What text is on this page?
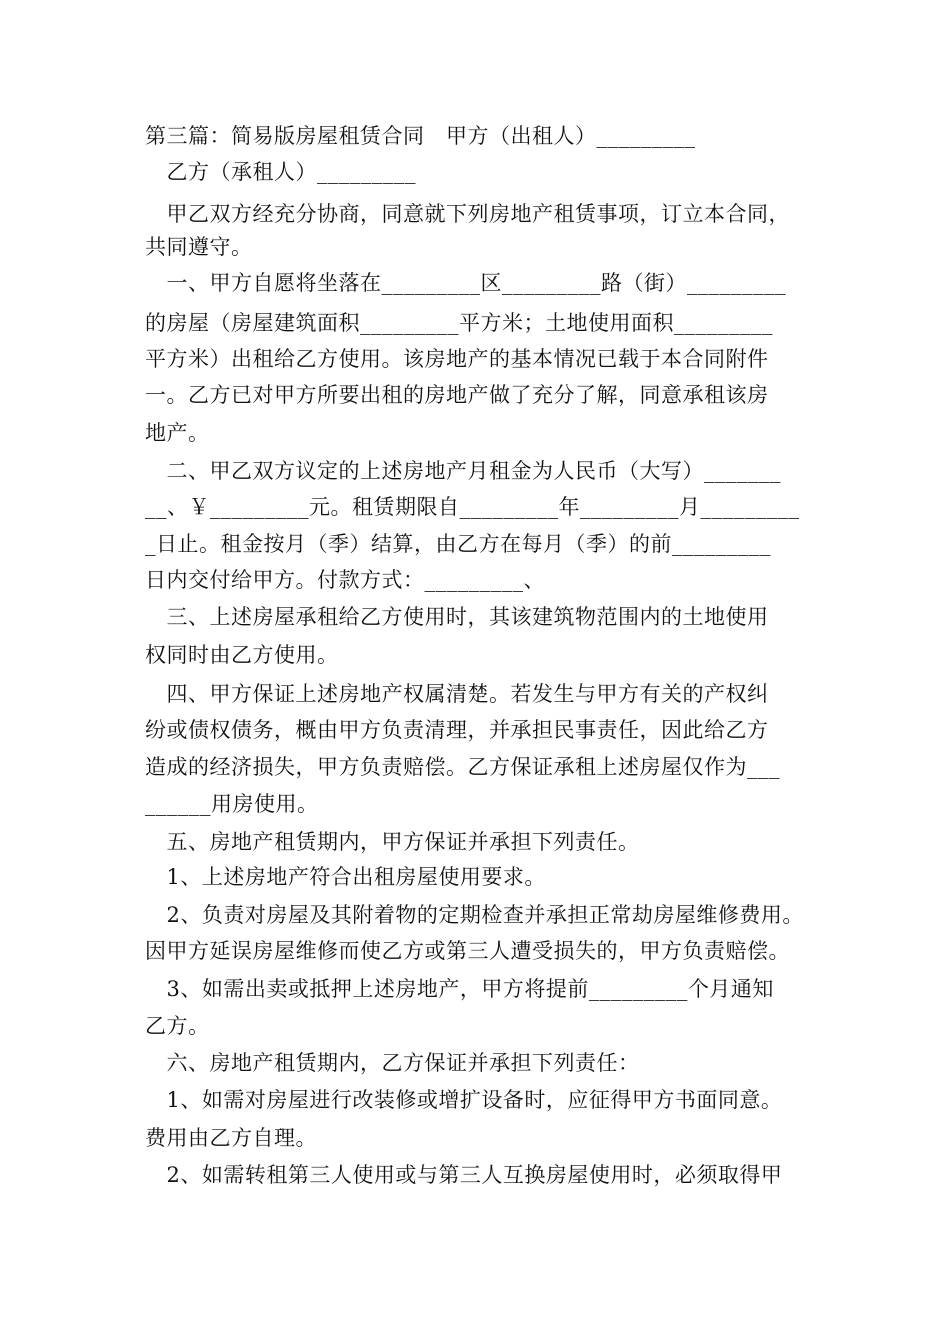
第三篇：简易版房屋租赁合同　甲方（出租人）_________
　乙方（承租人）_________
　甲乙双方经充分协商，同意就下列房地产租赁事项，订立本合同，
共同遵守。
　一、甲方自愿将坐落在_________区_________路（街）_________
的房屋（房屋建筑面积_________平方米；土地使用面积_________
平方米）出租给乙方使用。该房地产的基本情况已载于本合同附件
一。乙方已对甲方所要出租的房地产做了充分了解，同意承租该房
地产。
　二、甲乙双方议定的上述房地产月租金为人民币（大写）_______
__、￥_________元。租赁期限自_________年_________月_________
_日止。租金按月（季）结算，由乙方在每月（季）的前_________
日内交付给甲方。付款方式：_________、
　三、上述房屋承租给乙方使用时，其该建筑物范围内的土地使用
权同时由乙方使用。
　四、甲方保证上述房地产权属清楚。若发生与甲方有关的产权纠
纷或债权债务，概由甲方负责清理，并承担民事责任，因此给乙方
造成的经济损失，甲方负责赔偿。乙方保证承租上述房屋仅作为___
______用房使用。
　五、房地产租赁期内，甲方保证并承担下列责任。
　1、上述房地产符合出租房屋使用要求。
　2、负责对房屋及其附着物的定期检查并承担正常劫房屋维修费用。
因甲方延误房屋维修而使乙方或第三人遭受损失的，甲方负责赔偿。
　3、如需出卖或抵押上述房地产，甲方将提前_________个月通知
乙方。
　六、房地产租赁期内，乙方保证并承担下列责任：
　1、如需对房屋进行改装修或增扩设备时，应征得甲方书面同意。
费用由乙方自理。
　2、如需转租第三人使用或与第三人互换房屋使用时，必须取得甲
